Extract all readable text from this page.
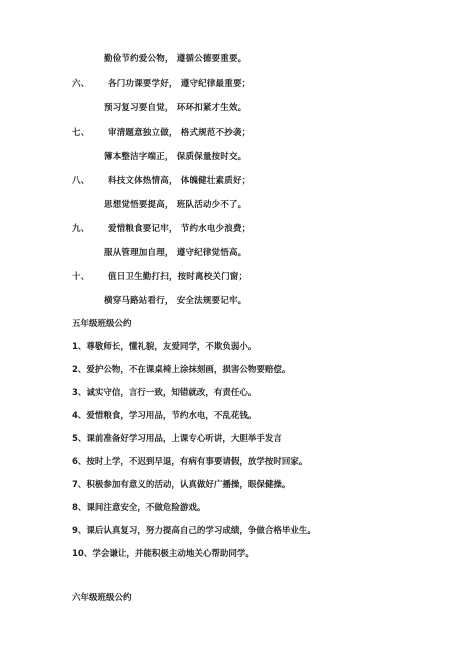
勤俭节约爱公物， 遵循公德要重要。
六、 各门功课要学好， 遵守纪律最重要；
预习复习要自觉， 环环扣紧才生效。
七、 审清题意独立做， 格式规范不抄袭；
簿本整洁字端正， 保质保量按时交。
八、 科技文体热情高， 体魄健壮素质好；
思想觉悟要提高， 班队活动少不了。
九、 爱惜粮食要记牢， 节约水电少浪费；
服从管理加自理， 遵守纪律觉悟高。
十、 值日卫生勤打扫，按时离校关门窗；
横穿马路站看行， 安全法规要记牢。
五年级班级公约
1、尊敬师长，懂礼貌，友爱同学，不欺负弱小。
2、爱护公物，不在课桌椅上涂抹刻画，损害公物要赔偿。
3、诚实守信，言行一致，知错就改，有责任心。
4、爱惜粮食，学习用品，节约水电，不乱花钱。
5、课前准备好学习用品，上课专心听讲，大胆举手发言
6、按时上学，不迟到早退，有病有事要请假，放学按时回家。
7、积极参加有意义的活动，认真做好广播操，眼保健操。
8、课间注意安全，不做危险游戏。
9、课后认真复习，努力提高自己的学习成绩，争做合格毕业生。
10、学会谦让，并能积极主动地关心帮助同学。
六年级班级公约
